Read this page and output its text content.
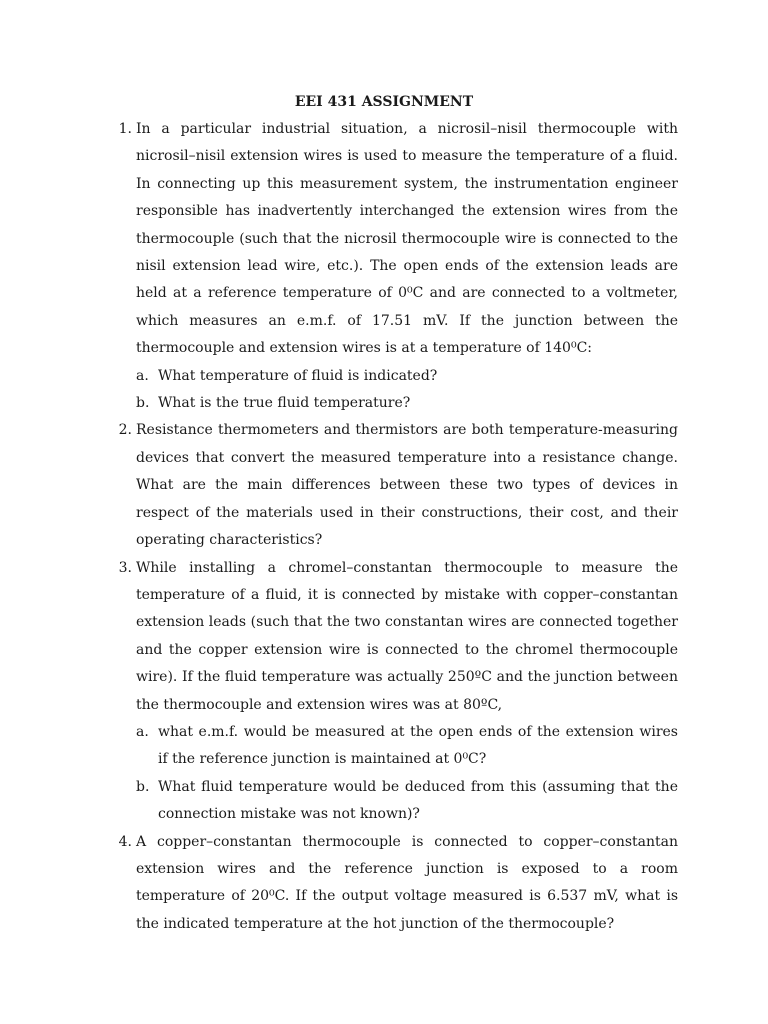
EEI 431 ASSIGNMENT
1. In a particular industrial situation, a nicrosil–nisil thermocouple with nicrosil–nisil extension wires is used to measure the temperature of a fluid. In connecting up this measurement system, the instrumentation engineer responsible has inadvertently interchanged the extension wires from the thermocouple (such that the nicrosil thermocouple wire is connected to the nisil extension lead wire, etc.). The open ends of the extension leads are held at a reference temperature of 0⁰C and are connected to a voltmeter, which measures an e.m.f. of 17.51 mV. If the junction between the thermocouple and extension wires is at a temperature of 140⁰C:
a. What temperature of fluid is indicated?
b. What is the true fluid temperature?
2. Resistance thermometers and thermistors are both temperature-measuring devices that convert the measured temperature into a resistance change. What are the main differences between these two types of devices in respect of the materials used in their constructions, their cost, and their operating characteristics?
3. While installing a chromel–constantan thermocouple to measure the temperature of a fluid, it is connected by mistake with copper–constantan extension leads (such that the two constantan wires are connected together and the copper extension wire is connected to the chromel thermocouple wire). If the fluid temperature was actually 250ºC and the junction between the thermocouple and extension wires was at 80ºC,
a. what e.m.f. would be measured at the open ends of the extension wires if the reference junction is maintained at 0⁰C?
b. What fluid temperature would be deduced from this (assuming that the connection mistake was not known)?
4. A copper–constantan thermocouple is connected to copper–constantan extension wires and the reference junction is exposed to a room temperature of 20⁰C. If the output voltage measured is 6.537 mV, what is the indicated temperature at the hot junction of the thermocouple?
